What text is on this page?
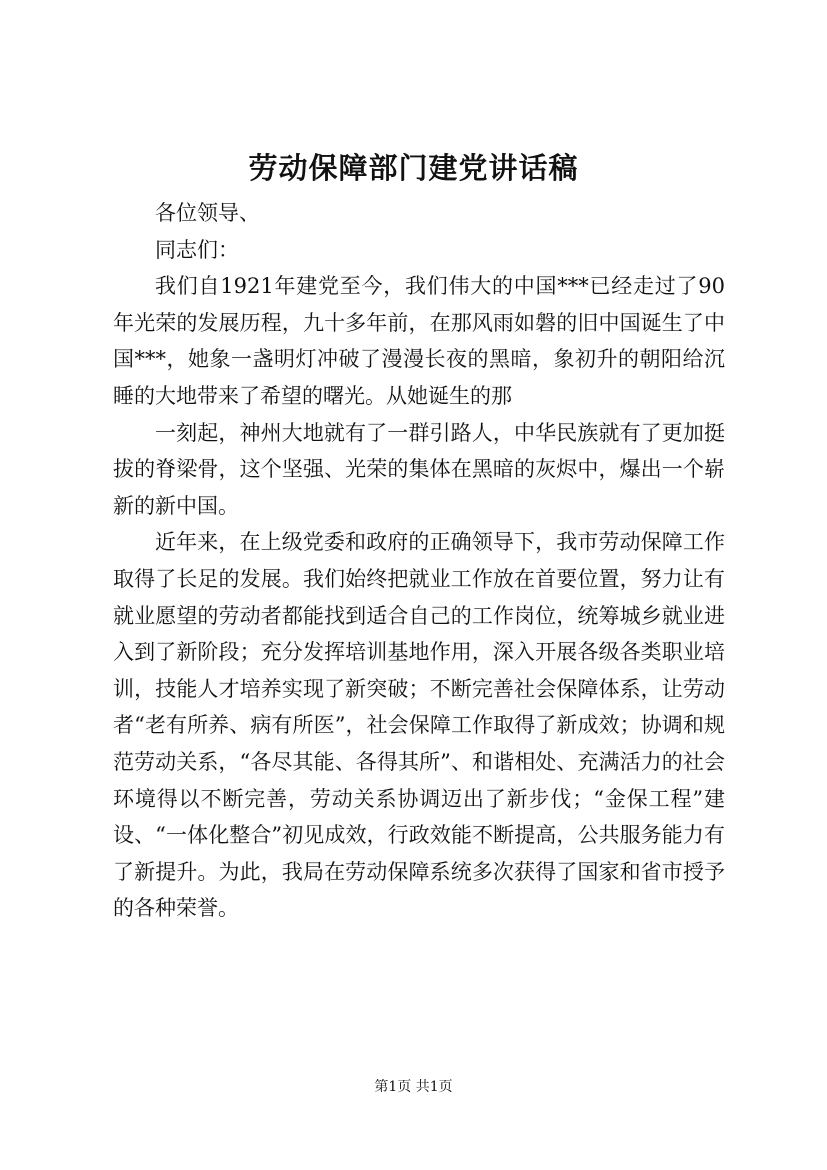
劳动保障部门建党讲话稿

各位领导、

同志们：

我们自1921年建党至今，我们伟大的中国***已经走过了90年光荣的发展历程，九十多年前，在那风雨如磐的旧中国诞生了中国***，她象一盏明灯冲破了漫漫长夜的黑暗，象初升的朝阳给沉睡的大地带来了希望的曙光。从她诞生的那

一刻起，神州大地就有了一群引路人，中华民族就有了更加挺拔的脊梁骨，这个坚强、光荣的集体在黑暗的灰烬中，爆出一个崭新的新中国。

近年来，在上级党委和政府的正确领导下，我市劳动保障工作取得了长足的发展。我们始终把就业工作放在首要位置，努力让有就业愿望的劳动者都能找到适合自己的工作岗位，统筹城乡就业进入到了新阶段；充分发挥培训基地作用，深入开展各级各类职业培训，技能人才培养实现了新突破；不断完善社会保障体系，让劳动者“老有所养、病有所医”，社会保障工作取得了新成效；协调和规范劳动关系，“各尽其能、各得其所”、和谐相处、充满活力的社会环境得以不断完善，劳动关系协调迈出了新步伐；“金保工程”建设、“一体化整合”初见成效，行政效能不断提高，公共服务能力有了新提升。为此，我局在劳动保障系统多次获得了国家和省市授予的各种荣誉。

第1页 共1页
